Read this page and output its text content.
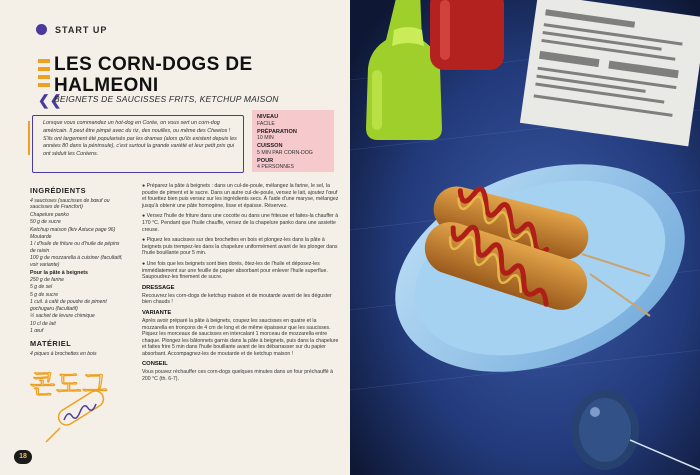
START UP
LES CORN-DOGS DE HALMEONI
❮❮
BEIGNETS DE SAUCISSES FRITS, KETCHUP MAISON

Lorsque vous commandez un hot-dog en Corée, on vous sert un corn-dog américain. Il peut être pimpé avec du riz, des nouilles, ou même des Cheetos ! S'ils ont largement été popularisés par les dramas (alors qu'ils existent depuis les années 80 dans la péninsule), c'est surtout la grande variété et leur petit prix qui ont séduit les Coréens.

NIVEAU
FACILE
PRÉPARATION
10 MIN
CUISSON
5 MIN PAR CORN-DOG
POUR
4 PERSONNES
INGRÉDIENTS
4 saucisses (saucisses de bœuf ou saucisses de Francfort)
Chapelure panko
50 g de sucre
Ketchup maison (lkiv Astuce page 96)
Moutarde
1 l d'huile de friture ou d'huile de pépins de raisin
100 g de mozzarella à cuisiner (facultatif, voir variante)
Pour la pâte à beignets
250 g de farine
5 g de sel
5 g de sucre
1 cuil. à café de poudre de piment gochugaru (facultatif)
½ sachet de levure chimique
10 cl de lait
1 œuf
MATÉRIEL
4 piques à brochettes en bois
콘도그
18

● Préparez la pâte à beignets : dans un cul-de-poule, mélangez la farine, le sel, la poudre de piment et le sucre. Dans un autre cul-de-poule, versez le lait, ajoutez l'œuf et fouettez bien puis versez sur les ingrédients secs. À l'aide d'une maryse, mélangez jusqu'à obtenir une pâte homogène, lisse et épaisse. Réservez.

● Versez l'huile de friture dans une cocotte ou dans une friteuse et faites-la chauffer à 170 °C. Pendant que l'huile chauffe, versez de la chapelure panko dans une assiette creuse.

● Piquez les saucisses sur des brochettes en bois et plongez-les dans la pâte à beignets puis trempez-les dans la chapelure uniformément avant de les plonger dans l'huile bouillante pour 5 min.

● Une fois que les beignets sont bien dorés, ôtez-les de l'huile et déposez-les immédiatement sur une feuille de papier absorbant pour enlever l'huile superflue. Saupoudrez-les finement de sucre.

DRESSAGE

Recouvrez les corn-dogs de ketchup maison et de moutarde avant de les déguster bien chauds !

VARIANTE

Après avoir préparé la pâte à beignets, coupez les saucisses en quatre et la mozzarella en tronçons de 4 cm de long et de même épaisseur que les saucisses. Piquez les morceaux de saucisses en intercalant 1 morceau de mozzarella entre chaque. Plongez les bâtonnets garnis dans la pâte à beignets, puis dans la chapelure et faites frire 5 min dans l'huile bouillante avant de les débarrasser sur du papier absorbant. Accompagnez-les de moutarde et de ketchup maison !

CONSEIL

Vous pouvez réchauffer ces corn-dogs quelques minutes dans un four préchauffé à 200 °C (th. 6-7).
